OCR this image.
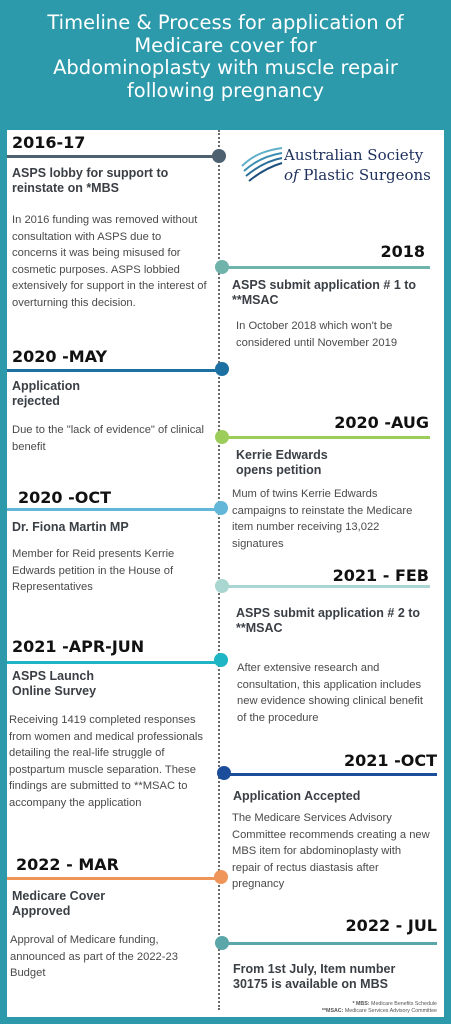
Timeline & Process for application of
Medicare cover for
Abdominoplasty with muscle repair
following pregnancy
Australian Society
of Plastic Surgeons
2016-17
ASPS lobby for support to reinstate on *MBS
In 2016 funding was removed without consultation with ASPS due to concerns it was being misused for cosmetic purposes. ASPS lobbied extensively for support in the interest of overturning this decision.
2018
ASPS submit application # 1 to **MSAC
In October 2018 which won't be considered until November 2019
2020 -MAY
Application rejected
Due to the "lack of evidence" of clinical benefit
2020 -AUG
Kerrie Edwards opens petition
Mum of twins Kerrie Edwards campaigns to reinstate the Medicare item number receiving 13,022 signatures
2020 -OCT
Dr. Fiona Martin MP
Member for Reid presents Kerrie Edwards petition in the House of Representatives
2021 - FEB
ASPS submit application # 2 to **MSAC
After extensive research and consultation, this application includes new evidence showing clinical benefit of the procedure
2021 -APR-JUN
ASPS Launch Online Survey
Receiving 1419 completed responses from women and medical professionals detailing the real-life struggle of postpartum muscle separation. These findings are submitted to **MSAC to accompany the application
2021 -OCT
Application Accepted
The Medicare Services Advisory Committee recommends creating a new MBS item for abdominoplasty with repair of rectus diastasis after pregnancy
2022 - MAR
Medicare Cover Approved
Approval of Medicare funding, announced as part of the 2022-23 Budget
2022 - JUL
From 1st July, Item number 30175 is available on MBS
* MBS: Medicare Benefits Schedule
**MSAC: Medicare Services Advisory Committee
